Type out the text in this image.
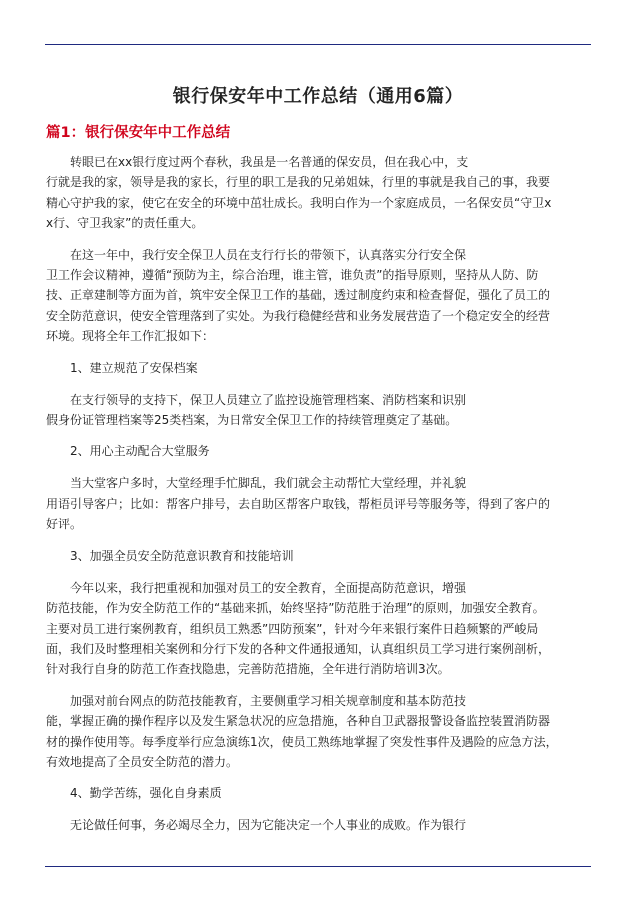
银行保安年中工作总结（通用6篇）
篇1：银行保安年中工作总结

转眼已在xx银行度过两个春秋，我虽是一名普通的保安员，但在我心中，支
行就是我的家，领导是我的家长，行里的职工是我的兄弟姐妹，行里的事就是我自己的事，我要
精心守护我的家，使它在安全的环境中茁壮成长。我明白作为一个家庭成员，一名保安员“守卫x
x行、守卫我家”的责任重大。

在这一年中，我行安全保卫人员在支行行长的带领下，认真落实分行安全保
卫工作会议精神，遵循“预防为主，综合治理，谁主管，谁负责”的指导原则，坚持从人防、防
技、正章建制等方面为首，筑牢安全保卫工作的基础，透过制度约束和检查督促，强化了员工的
安全防范意识，使安全管理落到了实处。为我行稳健经营和业务发展营造了一个稳定安全的经营
环境。现将全年工作汇报如下：

1、建立规范了安保档案

在支行领导的支持下，保卫人员建立了监控设施管理档案、消防档案和识别
假身份证管理档案等25类档案，为日常安全保卫工作的持续管理奠定了基础。

2、用心主动配合大堂服务

当大堂客户多时，大堂经理手忙脚乱，我们就会主动帮忙大堂经理，并礼貌
用语引导客户；比如：帮客户排号，去自助区帮客户取钱，帮柜员评号等服务等，得到了客户的
好评。

3、加强全员安全防范意识教育和技能培训

今年以来，我行把重视和加强对员工的安全教育，全面提高防范意识，增强
防范技能，作为安全防范工作的“基础来抓，始终坚持”防范胜于治理”的原则，加强安全教育。
主要对员工进行案例教育，组织员工熟悉”四防预案”，针对今年来银行案件日趋频繁的严峻局
面，我们及时整理相关案例和分行下发的各种文件通报通知，认真组织员工学习进行案例剖析，
针对我行自身的防范工作查找隐患，完善防范措施，全年进行消防培训3次。

加强对前台网点的防范技能教育，主要侧重学习相关规章制度和基本防范技
能，掌握正确的操作程序以及发生紧急状况的应急措施，各种自卫武器报警设备监控装置消防器
材的操作使用等。每季度举行应急演练1次，使员工熟练地掌握了突发性事件及遇险的应急方法，
有效地提高了全员安全防范的潜力。

4、勤学苦练，强化自身素质

无论做任何事，务必竭尽全力，因为它能决定一个人事业的成败。作为银行
